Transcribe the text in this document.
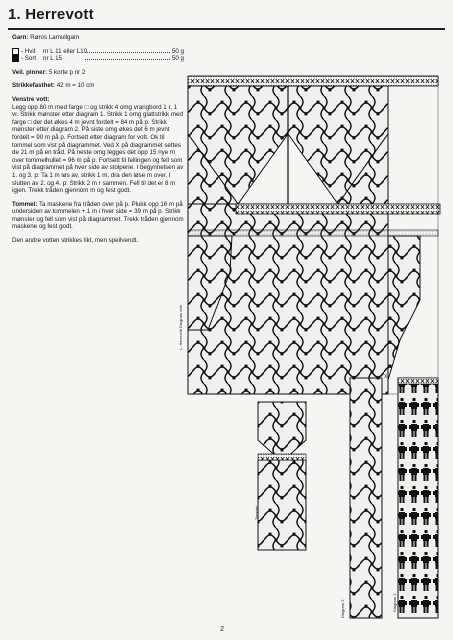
1. Herrevott

Garn: Røros Lamullgarn

- Hvit	nr L 11 eller L10	50 g
- Sort	nr L 15	50 g

Veil. pinner: 5 korte p nr 2

Strikkefasthet: 42 m = 10 cm

Venstre vott:
Legg opp 80 m med farge □ og strikk 4 omg vrangbord 1 r, 1 vr. Strikk mønster etter diagram 1. Strikk 1 omg glattstrikk med farge □ der det økes 4 m jevnt fordelt = 84 m på p. Strikk mønster etter diagram 2. På siste omg økes det 6 m jevnt fordelt = 90 m på p. Fortsett etter diagram for vott. Ok til tommel som vist på diagrammet. Ved X på diagrammet settes de 21 m på en tråd. På neste omg legges det opp 15 nye m over tommelhullet = 96 m på p. Fortsett til fellingen og fell som vist på diagrammet på hver side av stolpene. I begynnelsen av 1. og 3. p: Ta 1 m løs av, strikk 1 m, dra den løse m over. I slutten av 2. og 4. p: Strikk 2 m r sammen. Fell til det er 8 m igjen. Trekk tråden gjennom m og fest godt.

Tommel: Ta maskene fra tråden over på p. Plukk opp 16 m på undersiden av tommelen + 1 m i hver side = 39 m på p. Strikk mønster og fell som vist på diagrammet. Trekk tråden gjennom maskene og fest godt.

Den andre votten strikkes likt, men speilvendt.

L. Herrevott Diagram vott
Tommel
Diagram 2	Diagram 1
X
2
